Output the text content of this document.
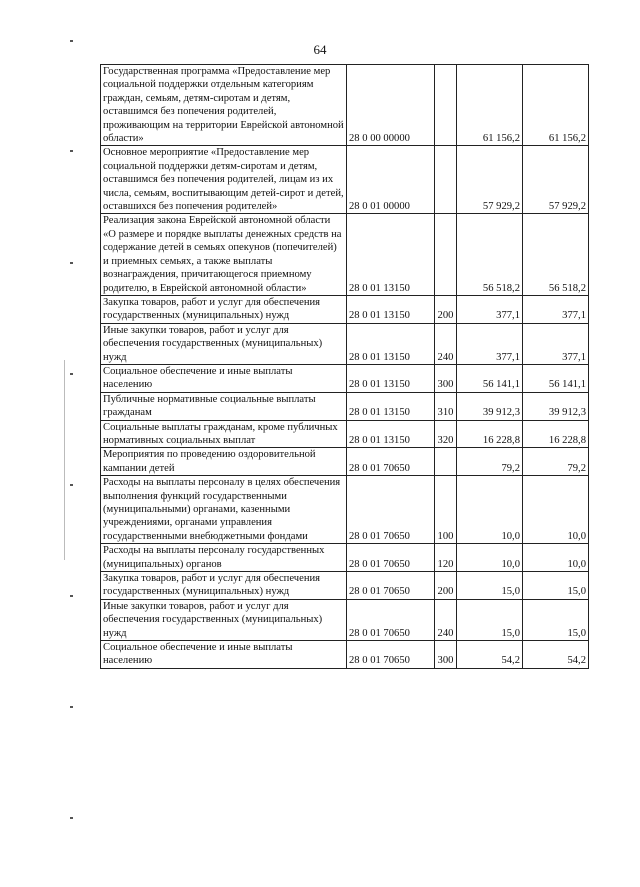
64
Государственная программа «Предоставление мер социальной поддержки отдельным категориям граждан, семьям, детям-сиротам и детям, оставшимся без попечения родителей, проживающим на территории Еврейской автономной области»	28 0 00 00000		61 156,2	61 156,2
Основное мероприятие «Предоставление мер социальной поддержки детям-сиротам и детям, оставшимся без попечения родителей, лицам из их числа, семьям, воспитывающим детей-сирот и детей, оставшихся без попечения родителей»	28 0 01 00000		57 929,2	57 929,2
Реализация закона Еврейской автономной области «О размере и порядке выплаты денежных средств на содержание детей в семьях опекунов (попечителей) и приемных семьях, а также выплаты вознаграждения, причитающегося приемному родителю, в Еврейской автономной области»	28 0 01 13150		56 518,2	56 518,2
Закупка товаров, работ и услуг для обеспечения государственных (муниципальных) нужд	28 0 01 13150	200	377,1	377,1
Иные закупки товаров, работ и услуг для обеспечения государственных (муниципальных) нужд	28 0 01 13150	240	377,1	377,1
Социальное обеспечение и иные выплаты населению	28 0 01 13150	300	56 141,1	56 141,1
Публичные нормативные социальные выплаты гражданам	28 0 01 13150	310	39 912,3	39 912,3
Социальные выплаты гражданам, кроме публичных нормативных социальных выплат	28 0 01 13150	320	16 228,8	16 228,8
Мероприятия по проведению оздоровительной кампании детей	28 0 01 70650		79,2	79,2
Расходы на выплаты персоналу в целях обеспечения выполнения функций государственными (муниципальными) органами, казенными учреждениями, органами управления государственными внебюджетными фондами	28 0 01 70650	100	10,0	10,0
Расходы на выплаты персоналу государственных (муниципальных) органов	28 0 01 70650	120	10,0	10,0
Закупка товаров, работ и услуг для обеспечения государственных (муниципальных) нужд	28 0 01 70650	200	15,0	15,0
Иные закупки товаров, работ и услуг для обеспечения государственных (муниципальных) нужд	28 0 01 70650	240	15,0	15,0
Социальное обеспечение и иные выплаты населению	28 0 01 70650	300	54,2	54,2
